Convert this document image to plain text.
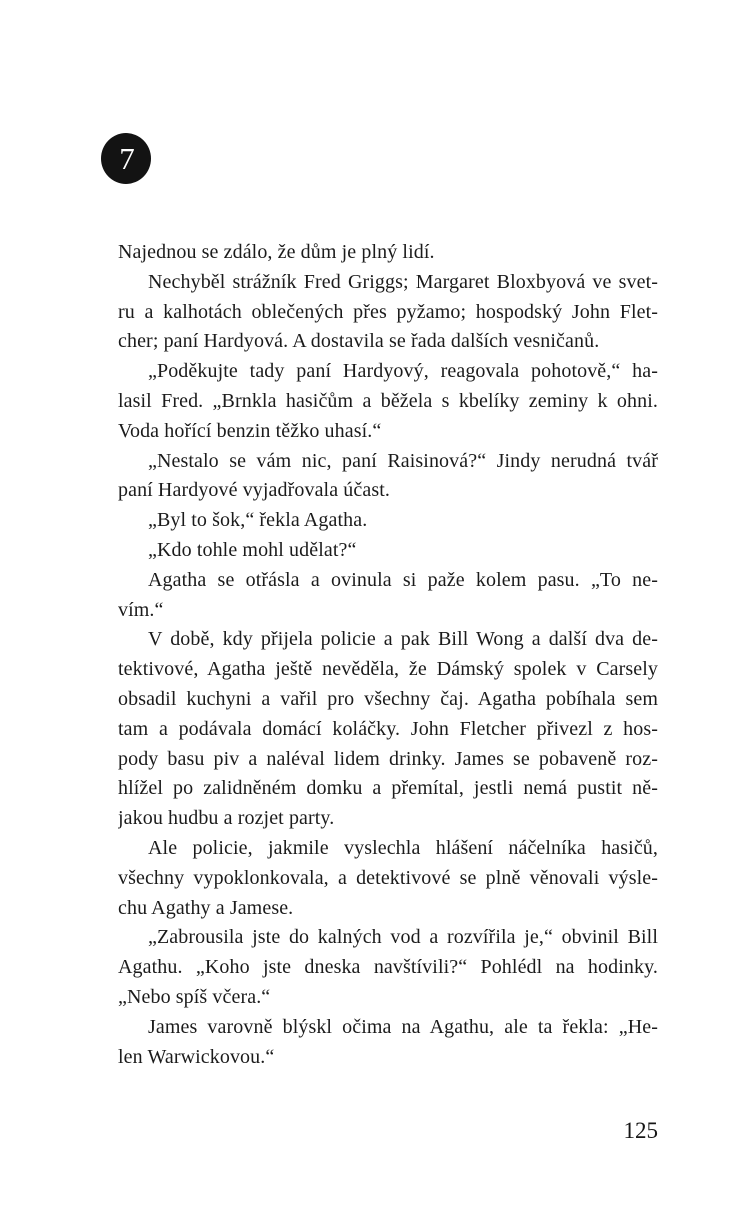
7
Najednou se zdálo, že dům je plný lidí.
Nechyběl strážník Fred Griggs; Margaret Bloxbyová ve svet-
ru a kalhotách oblečených přes pyžamo; hospodský John Flet-
cher; paní Hardyová. A dostavila se řada dalších vesničanů.
„Poděkujte tady paní Hardyový, reagovala pohotově,“ ha-
lasil Fred. „Brnkla hasičům a běžela s kbelíky zeminy k ohni.
Voda hořící benzin těžko uhasí.“
„Nestalo se vám nic, paní Raisinová?“ Jindy nerudná tvář
paní Hardyové vyjadřovala účast.
„Byl to šok,“ řekla Agatha.
„Kdo tohle mohl udělat?“
Agatha se otřásla a ovinula si paže kolem pasu. „To ne-
vím.“
V době, kdy přijela policie a pak Bill Wong a další dva de-
tektivové, Agatha ještě nevěděla, že Dámský spolek v Carsely
obsadil kuchyni a vařil pro všechny čaj. Agatha pobíhala sem
tam a podávala domácí koláčky. John Fletcher přivezl z hos-
pody basu piv a naléval lidem drinky. James se pobaveně roz-
hlížel po zalidněném domku a přemítal, jestli nemá pustit ně-
jakou hudbu a rozjet party.
Ale policie, jakmile vyslechla hlášení náčelníka hasičů,
všechny vypoklonkovala, a detektivové se plně věnovali výsle-
chu Agathy a Jamese.
„Zabrousila jste do kalných vod a rozvířila je,“ obvinil Bill
Agathu. „Koho jste dneska navštívili?“ Pohlédl na hodinky.
„Nebo spíš včera.“
James varovně blýskl očima na Agathu, ale ta řekla: „He-
len Warwickovou.“
125
